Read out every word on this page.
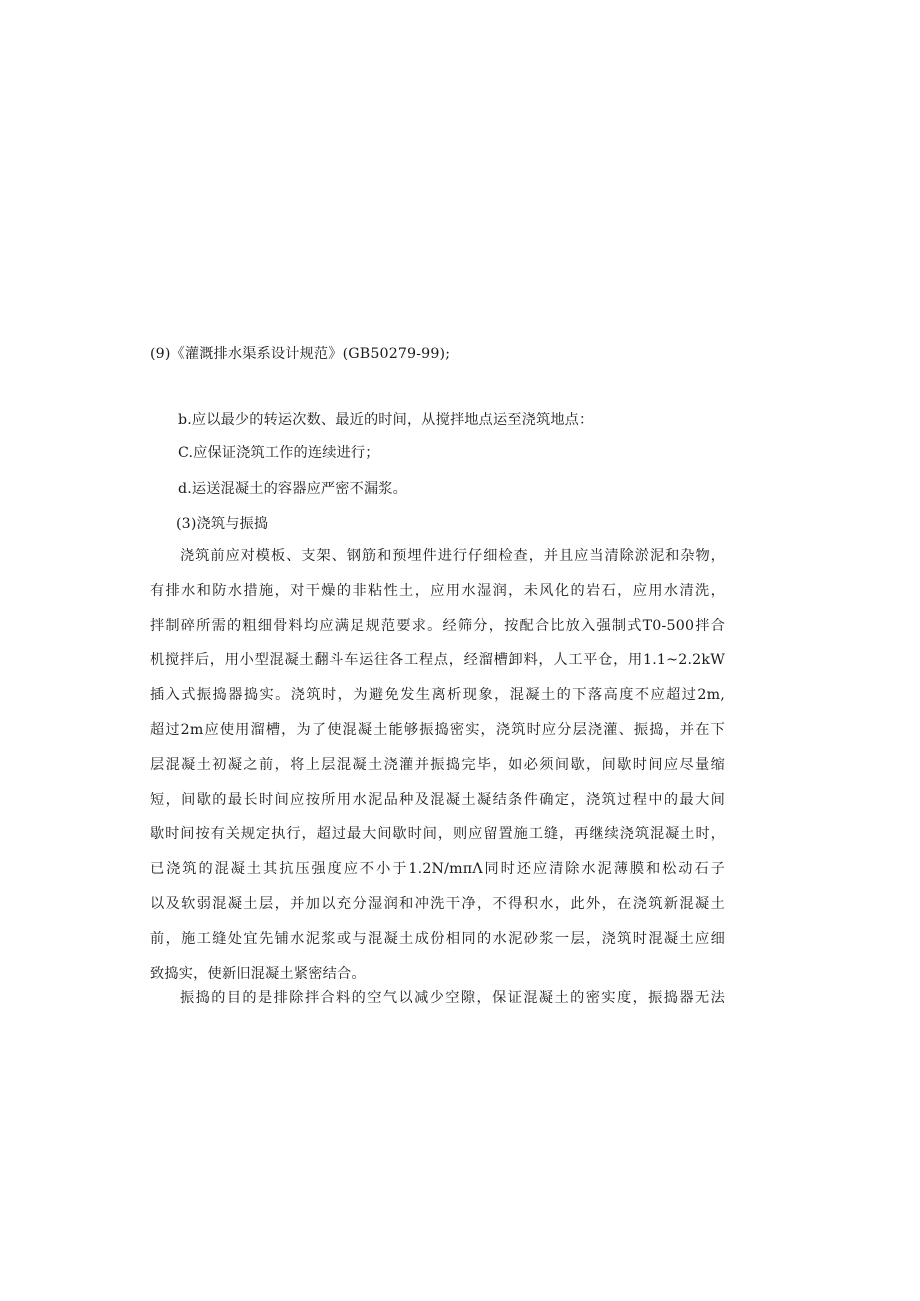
(9)《灌溉排水渠系设计规范》(GB50279-99);
b.应以最少的转运次数、最近的时间，从搅拌地点运至浇筑地点：
C.应保证浇筑工作的连续进行；
d.运送混凝土的容器应严密不漏浆。
(3)浇筑与振捣
浇筑前应对模板、支架、钢筋和预埋件进行仔细检查，并且应当清除淤泥和杂物，
有排水和防水措施，对干燥的非粘性土，应用水湿润，未风化的岩石，应用水清洗，
拌制碎所需的粗细骨料均应满足规范要求。经筛分，按配合比放入强制式T0-500拌合
机搅拌后，用小型混凝土翻斗车运往各工程点，经溜槽卸料，人工平仓，用1.1~2.2kW
插入式振捣器捣实。浇筑时，为避免发生离析现象，混凝土的下落高度不应超过2m,
超过2m应使用溜槽，为了使混凝土能够振捣密实，浇筑时应分层浇灌、振捣，并在下
层混凝土初凝之前，将上层混凝土浇灌并振捣完毕，如必须间歇，间歇时间应尽量缩
短，间歇的最长时间应按所用水泥品种及混凝土凝结条件确定，浇筑过程中的最大间
歇时间按有关规定执行，超过最大间歇时间，则应留置施工缝，再继续浇筑混凝土时，
已浇筑的混凝土其抗压强度应不小于1.2N/mπΛ同时还应清除水泥薄膜和松动石子
以及软弱混凝土层，并加以充分湿润和冲洗干净，不得积水，此外，在浇筑新混凝土
前，施工缝处宜先铺水泥浆或与混凝土成份相同的水泥砂浆一层，浇筑时混凝土应细
致捣实，使新旧混凝土紧密结合。
振捣的目的是排除拌合料的空气以减少空隙，保证混凝土的密实度，振捣器无法
